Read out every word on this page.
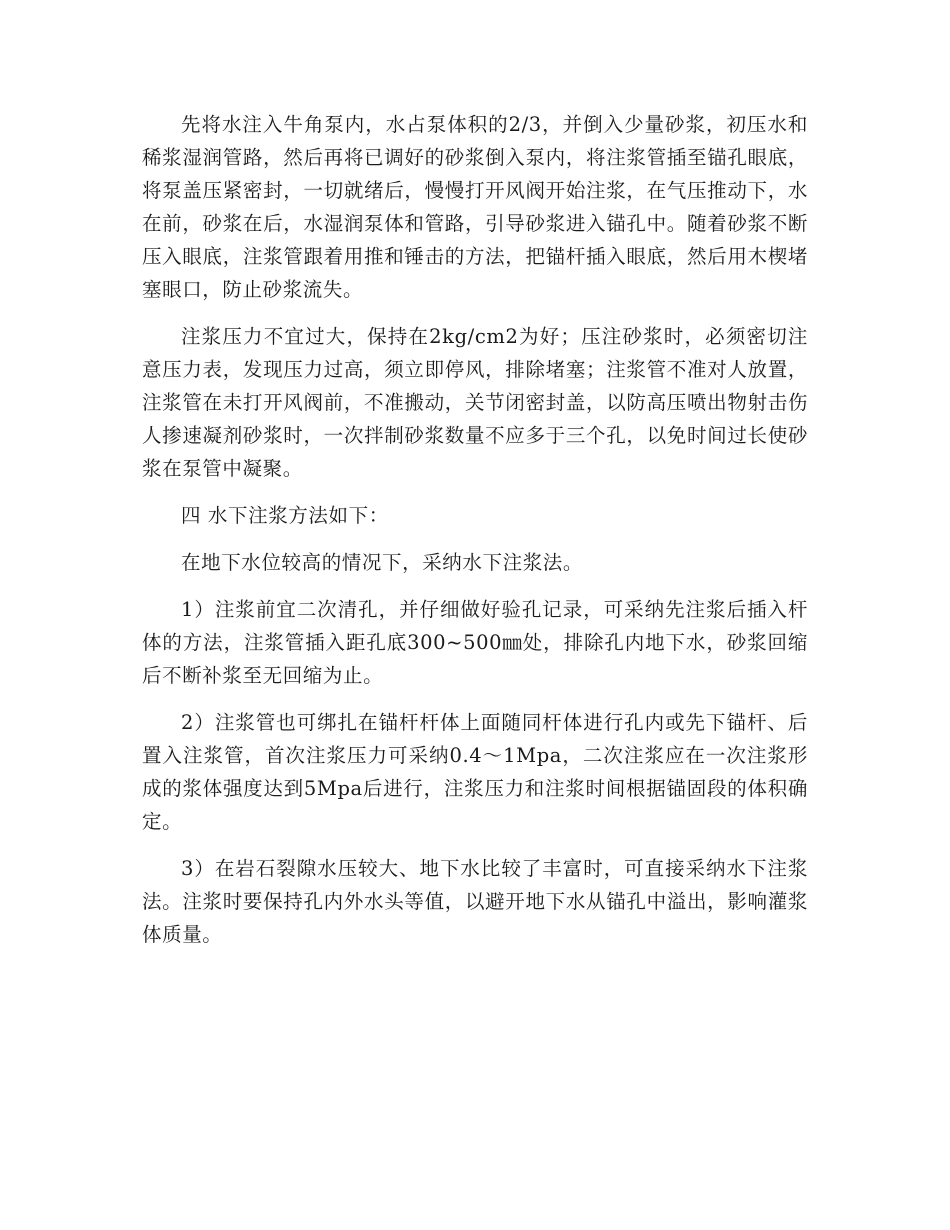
先将水注入牛角泵内，水占泵体积的2/3，并倒入少量砂浆，初压水和稀浆湿润管路，然后再将已调好的砂浆倒入泵内，将注浆管插至锚孔眼底，将泵盖压紧密封，一切就绪后，慢慢打开风阀开始注浆，在气压推动下，水在前，砂浆在后，水湿润泵体和管路，引导砂浆进入锚孔中。随着砂浆不断压入眼底，注浆管跟着用推和锤击的方法，把锚杆插入眼底，然后用木楔堵塞眼口，防止砂浆流失。

注浆压力不宜过大，保持在2kg/cm2为好；压注砂浆时，必须密切注意压力表，发现压力过高，须立即停风，排除堵塞；注浆管不准对人放置，注浆管在未打开风阀前，不准搬动，关节闭密封盖，以防高压喷出物射击伤人掺速凝剂砂浆时，一次拌制砂浆数量不应多于三个孔，以免时间过长使砂浆在泵管中凝聚。

四 水下注浆方法如下：

在地下水位较高的情况下，采纳水下注浆法。

1）注浆前宜二次清孔，并仔细做好验孔记录，可采纳先注浆后插入杆体的方法，注浆管插入距孔底300~500㎜处，排除孔内地下水，砂浆回缩后不断补浆至无回缩为止。

2）注浆管也可绑扎在锚杆杆体上面随同杆体进行孔内或先下锚杆、后置入注浆管，首次注浆压力可采纳0.4～1Mpa，二次注浆应在一次注浆形成的浆体强度达到5Mpa后进行，注浆压力和注浆时间根据锚固段的体积确定。

3）在岩石裂隙水压较大、地下水比较了丰富时，可直接采纳水下注浆法。注浆时要保持孔内外水头等值，以避开地下水从锚孔中溢出，影响灌浆体质量。
